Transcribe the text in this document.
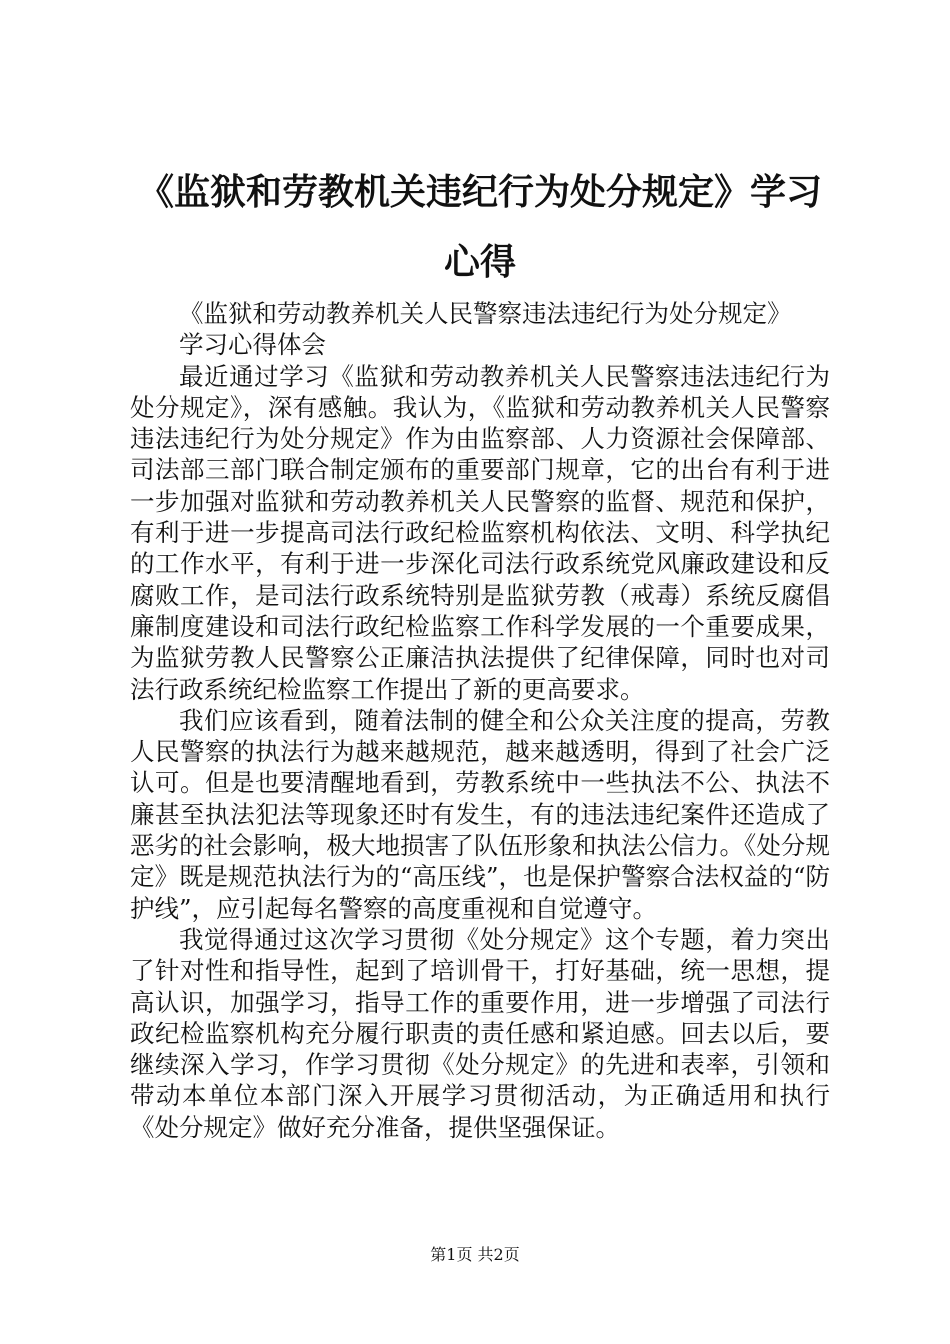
《监狱和劳教机关违纪行为处分规定》学习心得

《监狱和劳动教养机关人民警察违法违纪行为处分规定》

学习心得体会

最近通过学习《监狱和劳动教养机关人民警察违法违纪行为处分规定》，深有感触。我认为，《监狱和劳动教养机关人民警察违法违纪行为处分规定》作为由监察部、人力资源社会保障部、司法部三部门联合制定颁布的重要部门规章，它的出台有利于进一步加强对监狱和劳动教养机关人民警察的监督、规范和保护，有利于进一步提高司法行政纪检监察机构依法、文明、科学执纪的工作水平，有利于进一步深化司法行政系统党风廉政建设和反腐败工作，是司法行政系统特别是监狱劳教（戒毒）系统反腐倡廉制度建设和司法行政纪检监察工作科学发展的一个重要成果，为监狱劳教人民警察公正廉洁执法提供了纪律保障，同时也对司法行政系统纪检监察工作提出了新的更高要求。

我们应该看到，随着法制的健全和公众关注度的提高，劳教人民警察的执法行为越来越规范，越来越透明，得到了社会广泛认可。但是也要清醒地看到，劳教系统中一些执法不公、执法不廉甚至执法犯法等现象还时有发生，有的违法违纪案件还造成了恶劣的社会影响，极大地损害了队伍形象和执法公信力。《处分规定》既是规范执法行为的“高压线”，也是保护警察合法权益的“防护线”，应引起每名警察的高度重视和自觉遵守。

我觉得通过这次学习贯彻《处分规定》这个专题，着力突出了针对性和指导性，起到了培训骨干，打好基础，统一思想，提高认识，加强学习，指导工作的重要作用，进一步增强了司法行政纪检监察机构充分履行职责的责任感和紧迫感。回去以后，要继续深入学习，作学习贯彻《处分规定》的先进和表率，引领和带动本单位本部门深入开展学习贯彻活动，为正确适用和执行《处分规定》做好充分准备，提供坚强保证。

第1页 共2页
